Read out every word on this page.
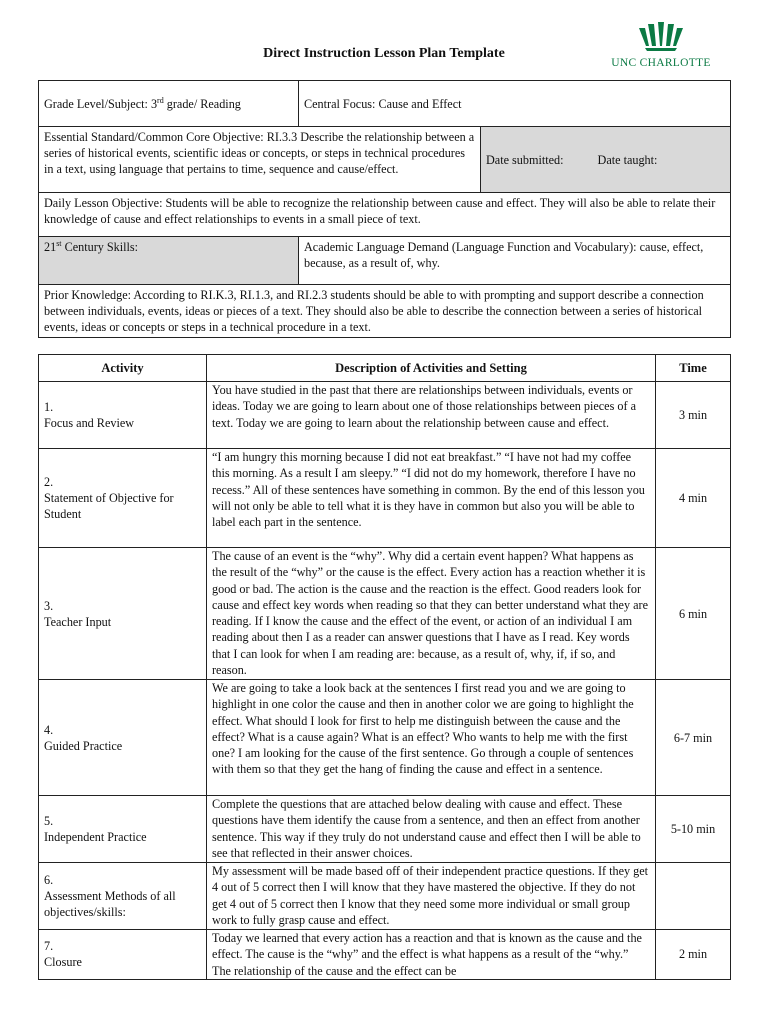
Direct Instruction Lesson Plan Template
UNC CHARLOTTE
Grade Level/Subject: 3rd grade/ Reading	Central Focus: Cause and Effect	
Essential Standard/Common Core Objective: RI.3.3 Describe the relationship between a series of historical events, scientific ideas or concepts, or steps in technical procedures in a text, using language that pertains to time, sequence and cause/effect.		Date submitted: Date taught:
Daily Lesson Objective: Students will be able to recognize the relationship between cause and effect. They will also be able to relate their knowledge of cause and effect relationships to events in a small piece of text.		
21st Century Skills:	Academic Language Demand (Language Function and Vocabulary): cause, effect, because, as a result of, why.	
Prior Knowledge: According to RI.K.3, RI.1.3, and RI.2.3 students should be able to with prompting and support describe a connection between individuals, events, ideas or pieces of a text. They should also be able to describe the connection between a series of historical events, ideas or concepts or steps in a technical procedure in a text.		
Activity	Description of Activities and Setting	Time
1.Focus and Review	You have studied in the past that there are relationships between individuals, events or ideas. Today we are going to learn about one of those relationships between pieces of a text. Today we are going to learn about the relationship between cause and effect.	3 min
2.Statement of Objective for Student	“I am hungry this morning because I did not eat breakfast.” “I have not had my coffee this morning. As a result I am sleepy.” “I did not do my homework, therefore I have no recess.” All of these sentences have something in common. By the end of this lesson you will not only be able to tell what it is they have in common but also you will be able to label each part in the sentence.	4 min
3.Teacher Input	The cause of an event is the “why”. Why did a certain event happen? What happens as the result of the “why” or the cause is the effect. Every action has a reaction whether it is good or bad. The action is the cause and the reaction is the effect. Good readers look for cause and effect key words when reading so that they can better understand what they are reading. If I know the cause and the effect of the event, or action of an individual I am reading about then I as a reader can answer questions that I have as I read. Key words that I can look for when I am reading are: because, as a result of, why, if, if so, and reason.	6 min
4.Guided Practice	We are going to take a look back at the sentences I first read you and we are going to highlight in one color the cause and then in another color we are going to highlight the effect. What should I look for first to help me distinguish between the cause and the effect? What is a cause again? What is an effect? Who wants to help me with the first one? I am looking for the cause of the first sentence. Go through a couple of sentences with them so that they get the hang of finding the cause and effect in a sentence.	6-7 min
5.Independent Practice	Complete the questions that are attached below dealing with cause and effect. These questions have them identify the cause from a sentence, and then an effect from another sentence. This way if they truly do not understand cause and effect then I will be able to see that reflected in their answer choices.	5-10 min
6.Assessment Methods of all objectives/skills:	My assessment will be made based off of their independent practice questions. If they get 4 out of 5 correct then I will know that they have mastered the objective. If they do not get 4 out of 5 correct then I know that they need some more individual or small group work to fully grasp cause and effect.	
7.Closure	Today we learned that every action has a reaction and that is known as the cause and the effect. The cause is the “why” and the effect is what happens as a result of the “why.” The relationship of the cause and the effect can be	2 min
